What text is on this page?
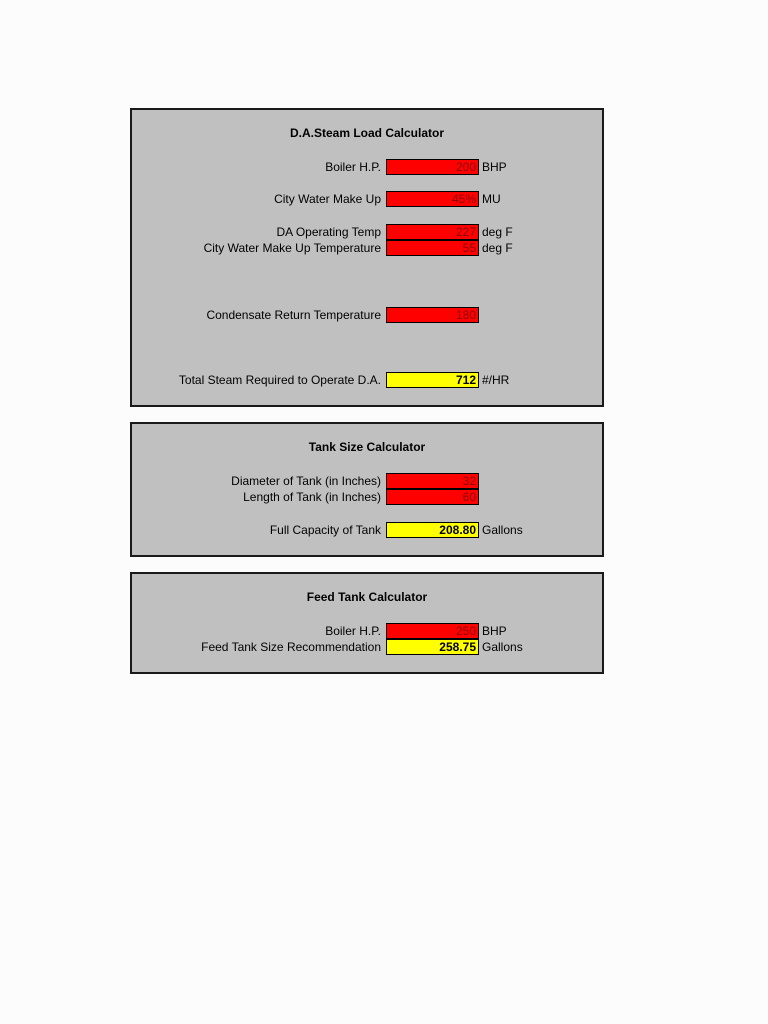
D.A.Steam Load Calculator
Boiler H.P.	200 BHP
City Water Make Up	45% MU
DA Operating Temp	227 deg F
City Water Make Up Temperature	55 deg F
Condensate Return Temperature	180
Total Steam Required to Operate D.A.	712 #/HR
Tank Size Calculator
Diameter of Tank (in Inches)	32
Length of Tank (in Inches)	60
Full Capacity of Tank	208.80 Gallons
Feed Tank Calculator
Boiler H.P.	250 BHP
Feed Tank Size Recommendation	258.75 Gallons
